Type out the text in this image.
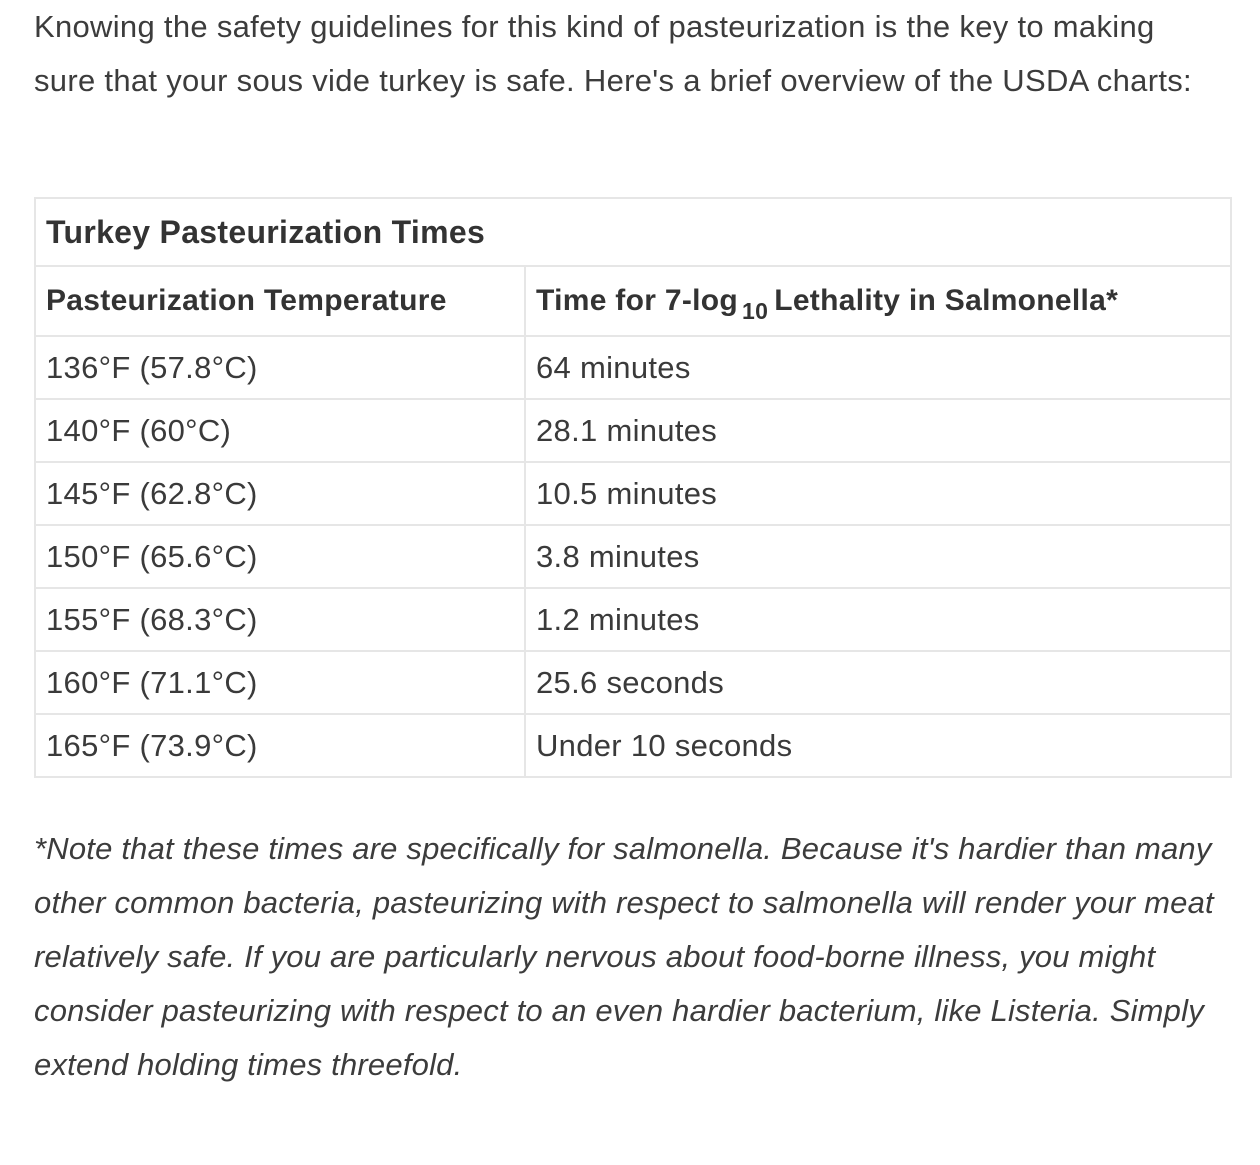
Knowing the safety guidelines for this kind of pasteurization is the key to making sure that your sous vide turkey is safe. Here's a brief overview of the USDA charts:

Turkey Pasteurization Times	
Pasteurization Temperature	Time for 7-log $_{10}$ Lethality in Salmonella*
136°F (57.8°C)	64 minutes
140°F (60°C)	28.1 minutes
145°F (62.8°C)	10.5 minutes
150°F (65.6°C)	3.8 minutes
155°F (68.3°C)	1.2 minutes
160°F (71.1°C)	25.6 seconds
165°F (73.9°C)	Under 10 seconds

*Note that these times are specifically for salmonella. Because it's hardier than many other common bacteria, pasteurizing with respect to salmonella will render your meat relatively safe. If you are particularly nervous about food-borne illness, you might consider pasteurizing with respect to an even hardier bacterium, like Listeria. Simply extend holding times threefold.
